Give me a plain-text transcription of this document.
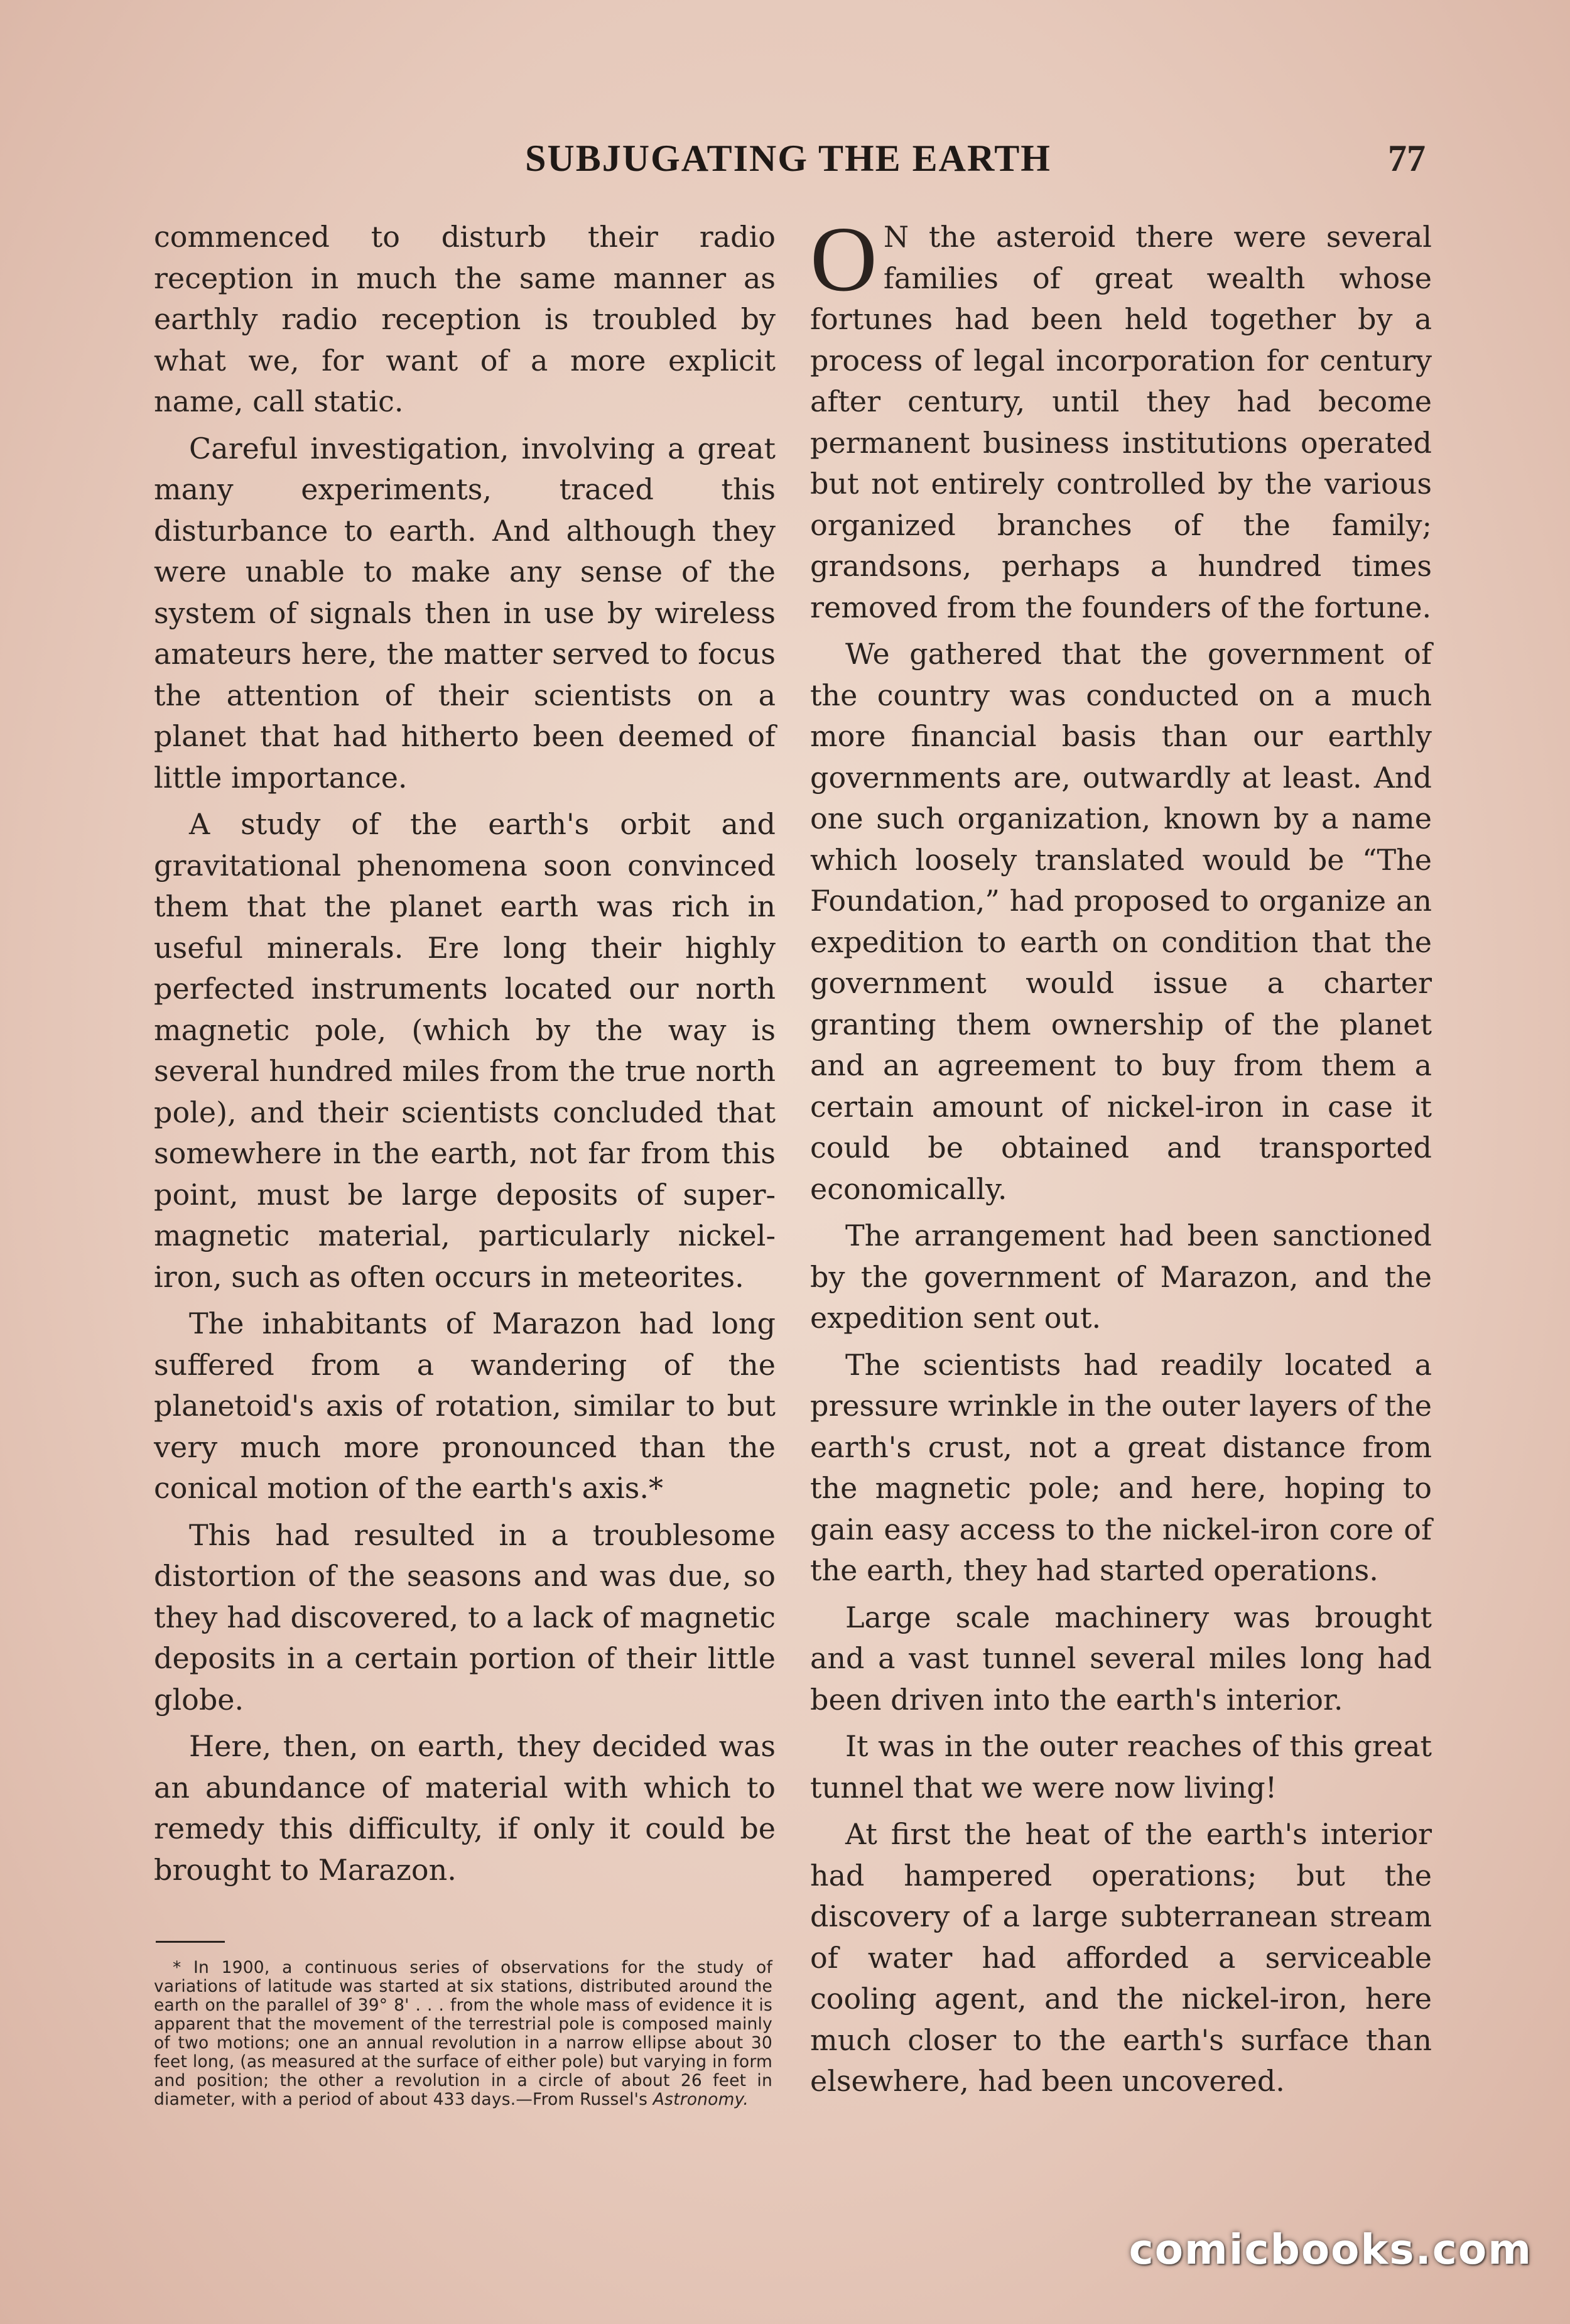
SUBJUGATING THE EARTH	77

commenced to disturb their radio reception in much the same manner as earthly radio reception is troubled by what we, for want of a more explicit name, call static.

Careful investigation, involving a great many experiments, traced this disturbance to earth. And although they were unable to make any sense of the system of signals then in use by wireless amateurs here, the matter served to focus the attention of their scientists on a planet that had hitherto been deemed of little importance.

A study of the earth's orbit and gravitational phenomena soon convinced them that the planet earth was rich in useful minerals. Ere long their highly perfected instruments located our north magnetic pole, (which by the way is several hundred miles from the true north pole), and their scientists concluded that somewhere in the earth, not far from this point, must be large deposits of super-magnetic material, particularly nickel-iron, such as often occurs in meteorites.

The inhabitants of Marazon had long suffered from a wandering of the planetoid's axis of rotation, similar to but very much more pronounced than the conical motion of the earth's axis.*

This had resulted in a troublesome distortion of the seasons and was due, so they had discovered, to a lack of magnetic deposits in a certain portion of their little globe.

Here, then, on earth, they decided was an abundance of material with which to remedy this difficulty, if only it could be brought to Marazon.

* In 1900, a continuous series of observations for the study of variations of latitude was started at six stations, distributed around the earth on the parallel of 39° 8' . . . from the whole mass of evidence it is apparent that the movement of the terrestrial pole is composed mainly of two motions; one an annual revolution in a narrow ellipse about 30 feet long, (as measured at the surface of either pole) but varying in form and position; the other a revolution in a circle of about 26 feet in diameter, with a period of about 433 days.—From Russel's Astronomy.

O N the asteroid there were several families of great wealth whose fortunes had been held together by a process of legal incorporation for century after century, until they had become permanent business institutions operated but not entirely controlled by the various organized branches of the family; grandsons, perhaps a hundred times removed from the founders of the fortune.

We gathered that the government of the country was conducted on a much more financial basis than our earthly governments are, outwardly at least. And one such organization, known by a name which loosely translated would be “The Foundation,” had proposed to organize an expedition to earth on condition that the government would issue a charter granting them ownership of the planet and an agreement to buy from them a certain amount of nickel-iron in case it could be obtained and transported economically.

The arrangement had been sanctioned by the government of Marazon, and the expedition sent out.

The scientists had readily located a pressure wrinkle in the outer layers of the earth's crust, not a great distance from the magnetic pole; and here, hoping to gain easy access to the nickel-iron core of the earth, they had started operations.

Large scale machinery was brought and a vast tunnel several miles long had been driven into the earth's interior.

It was in the outer reaches of this great tunnel that we were now living!

At first the heat of the earth's interior had hampered operations; but the discovery of a large subterranean stream of water had afforded a serviceable cooling agent, and the nickel-iron, here much closer to the earth's surface than elsewhere, had been uncovered.

comicbooks.com
